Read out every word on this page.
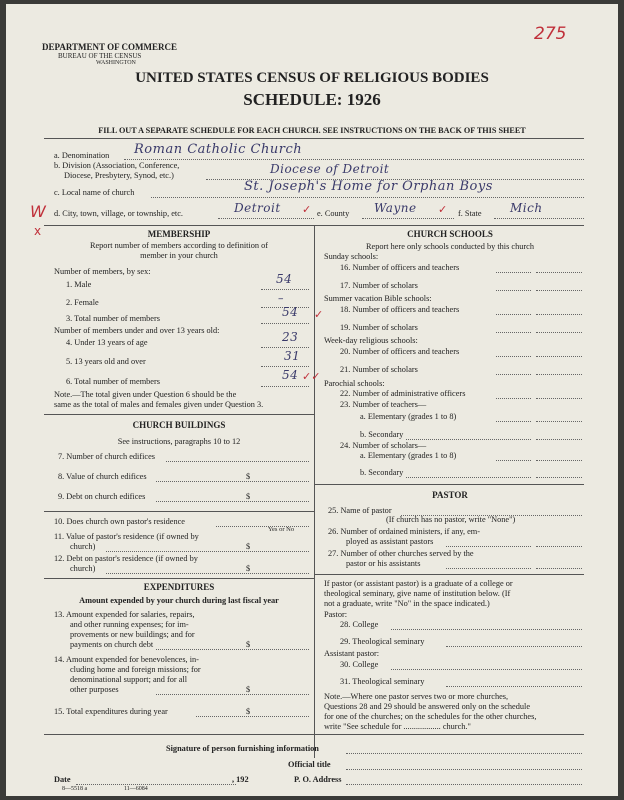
DEPARTMENT OF COMMERCE
BUREAU OF THE CENSUS
WASHINGTON
275
UNITED STATES CENSUS OF RELIGIOUS BODIES
SCHEDULE: 1926
FILL OUT A SEPARATE SCHEDULE FOR EACH CHURCH. SEE INSTRUCTIONS ON THE BACK OF THIS SHEET
a. Denomination Roman Catholic Church
b. Division (Association, Conference,
Diocese, Presbytery, Synod, etc.)	Diocese of Detroit
c. Local name of church	St. Joseph's Home for Orphan Boys
W
x
d. City, town, village, or township, etc.	Detroit ✓ e. County Wayne ✓ f. State Mich
MEMBERSHIP
Report number of members according to definition of
member in your church
Number of members, by sex:
1. Male	54
2. Female	–
3. Total number of members	54 ✓
Number of members under and over 13 years old:
4. Under 13 years of age	23
5. 13 years old and over	31
6. Total number of members	54 ✓✓
Note.—The total given under Question 6 should be the
same as the total of males and females given under Question 3.
CHURCH BUILDINGS
See instructions, paragraphs 10 to 12
7. Number of church edifices
8. Value of church edifices	$
9. Debt on church edifices	$
10. Does church own pastor's residence
Yes or No
11. Value of pastor's residence (if owned by
church)	$
12. Debt on pastor's residence (if owned by
church)	$
EXPENDITURES
Amount expended by your church during last fiscal year
13. Amount expended for salaries, repairs,
and other running expenses; for im-
provements or new buildings; and for
payments on church debt	$
14. Amount expended for benevolences, in-
cluding home and foreign missions; for
denominational support; and for all
other purposes	$
15. Total expenditures during year	$
CHURCH SCHOOLS
Report here only schools conducted by this church
Sunday schools:
16. Number of officers and teachers
17. Number of scholars
Summer vacation Bible schools:
18. Number of officers and teachers
19. Number of scholars
Week-day religious schools:
20. Number of officers and teachers
21. Number of scholars
Parochial schools:
22. Number of administrative officers
23. Number of teachers—
a. Elementary (grades 1 to 8)
b. Secondary
24. Number of scholars—
a. Elementary (grades 1 to 8)
b. Secondary
PASTOR
25. Name of pastor
(If church has no pastor, write "None")
26. Number of ordained ministers, if any, em-
ployed as assistant pastors
27. Number of other churches served by the
pastor or his assistants
If pastor (or assistant pastor) is a graduate of a college or
theological seminary, give name of institution below. (If
not a graduate, write "No" in the space indicated.)
Pastor:
28. College
29. Theological seminary
Assistant pastor:
30. College
31. Theological seminary
Note.—Where one pastor serves two or more churches,
Questions 28 and 29 should be answered only on the schedule
for one of the churches; on the schedules for the other churches,
write "See schedule for .................. church."
Signature of person furnishing information
Official title
Date	, 192	P. O. Address
8—5518 a	11—6084
